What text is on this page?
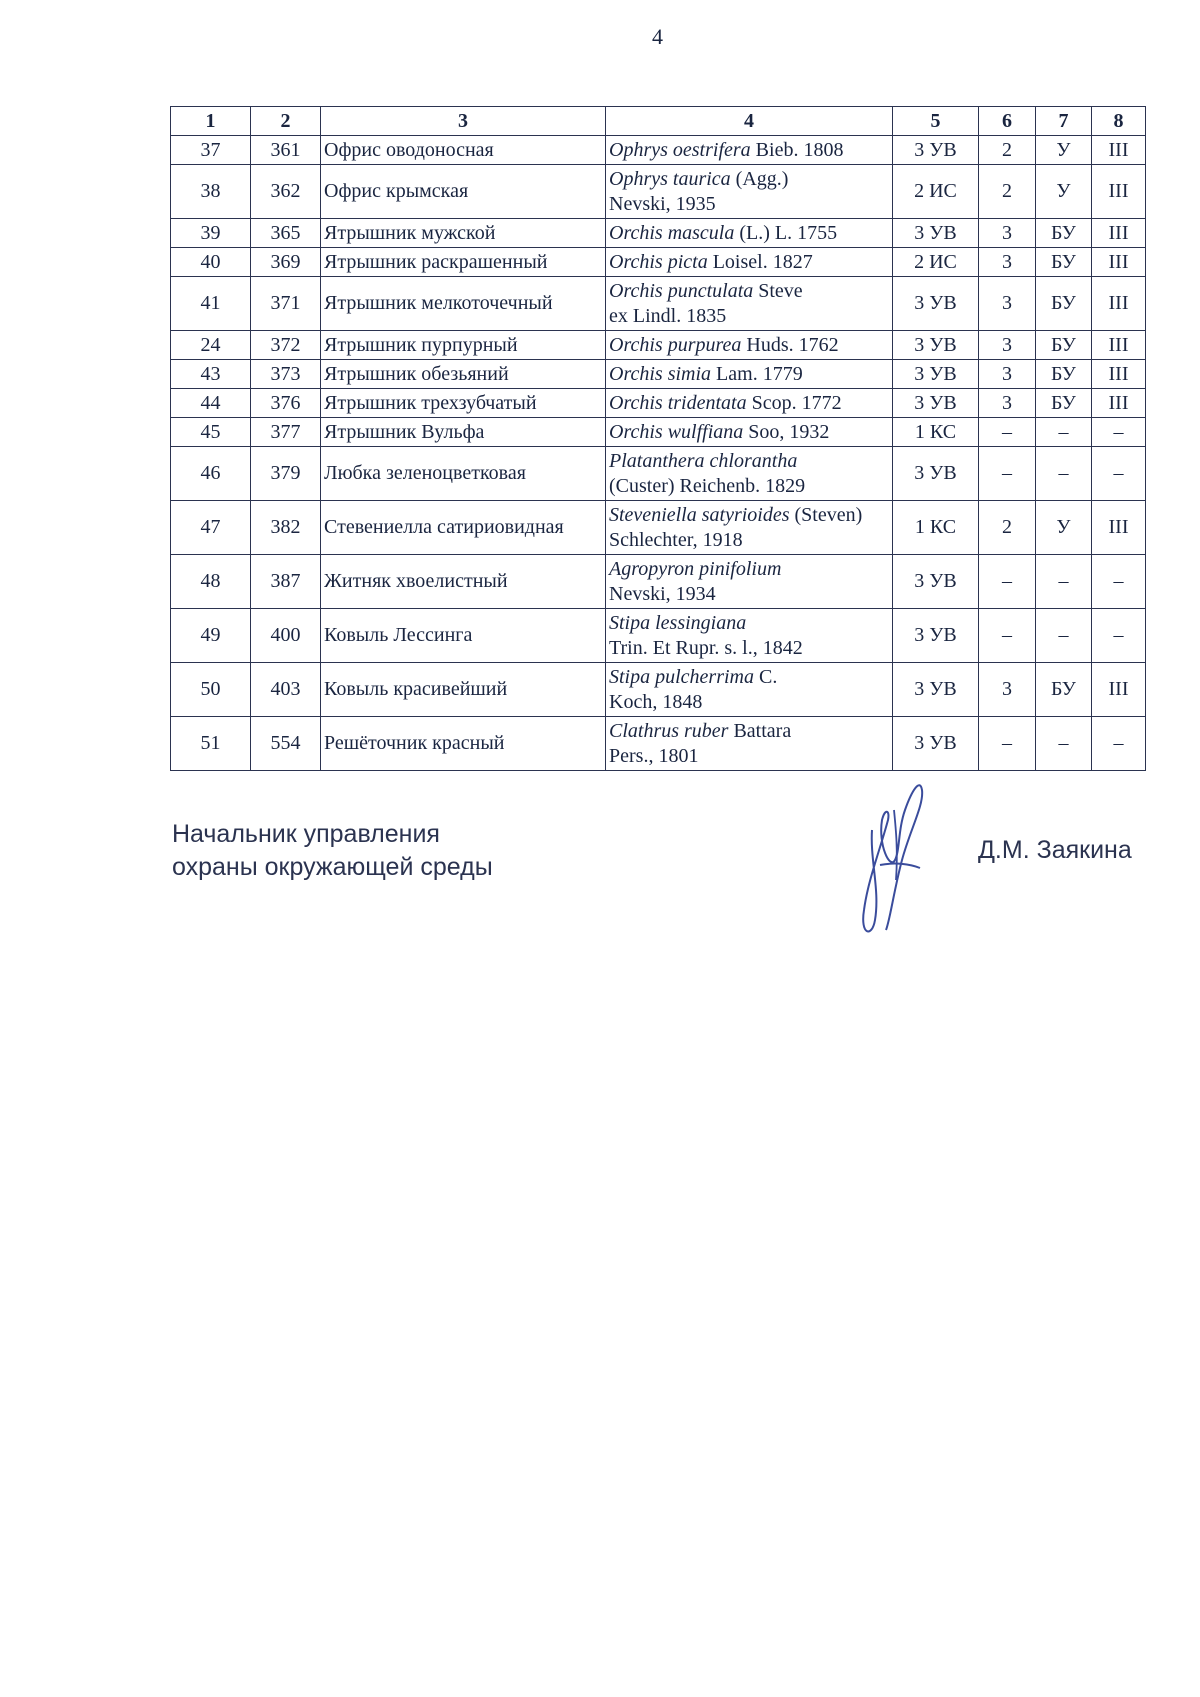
4
1	2	3	4	5	6	7	8
37	361	Офрис оводоносная	Ophrys oestrifera Bieb. 1808	3 УВ	2	У	III
38	362	Офрис крымская	Ophrys taurica (Agg.)
Nevski, 1935	2 ИС	2	У	III
39	365	Ятрышник мужской	Orchis mascula (L.) L. 1755	3 УВ	3	БУ	III
40	369	Ятрышник раскрашенный	Orchis picta Loisel. 1827	2 ИС	3	БУ	III
41	371	Ятрышник мелкоточечный	Orchis punctulata Steve
ex Lindl. 1835	3 УВ	3	БУ	III
24	372	Ятрышник пурпурный	Orchis purpurea Huds. 1762	3 УВ	3	БУ	III
43	373	Ятрышник обезьяний	Orchis simia Lam. 1779	3 УВ	3	БУ	III
44	376	Ятрышник трехзубчатый	Orchis tridentata Scop. 1772	3 УВ	3	БУ	III
45	377	Ятрышник Вульфа	Orchis wulffiana Soo, 1932	1 КС	–	–	–
46	379	Любка зеленоцветковая	Platanthera chlorantha
(Custer) Reichenb. 1829	3 УВ	–	–	–
47	382	Стевениелла сатириовидная	Steveniella satyrioides (Steven)
Schlechter, 1918	1 КС	2	У	III
48	387	Житняк хвоелистный	Agropyron pinifolium
Nevski, 1934	3 УВ	–	–	–
49	400	Ковыль Лессинга	Stipa lessingiana
Trin. Et Rupr. s. l., 1842	3 УВ	–	–	–
50	403	Ковыль красивейший	Stipa pulcherrima C.
Koch, 1848	3 УВ	3	БУ	III
51	554	Решёточник красный	Clathrus ruber Battara
Pers., 1801	3 УВ	–	–	–
Начальник управления
охраны окружающей среды
Д.М. Заякина
